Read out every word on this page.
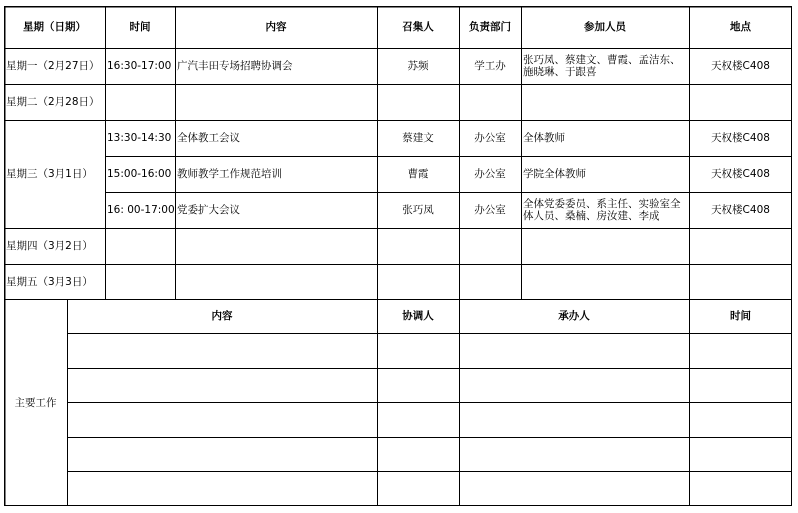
星期（日期）	时间	内容	召集人	负责部门	参加人员	地点
星期一（2月27日） 16:30-17:00 广汽丰田专场招聘协调会	苏频	学工办	张巧凤、蔡建文、曹霞、孟洁东、施晓琳、于跟喜	天权楼C408
星期二（2月28日）
星期三（3月1日）
13:30-14:30 全体教工会议	蔡建文	办公室	全体教师	天权楼C408
15:00-16:00 教师教学工作规范培训	曹霞	办公室	学院全体教师	天权楼C408
16: 00-17:00 党委扩大会议	张巧凤	办公室	全体党委委员、系主任、实验室全体人员、桑楠、房汝建、李成	天权楼C408
星期四（3月2日）
星期五（3月3日）
主要工作
内容	协调人	承办人	时间
